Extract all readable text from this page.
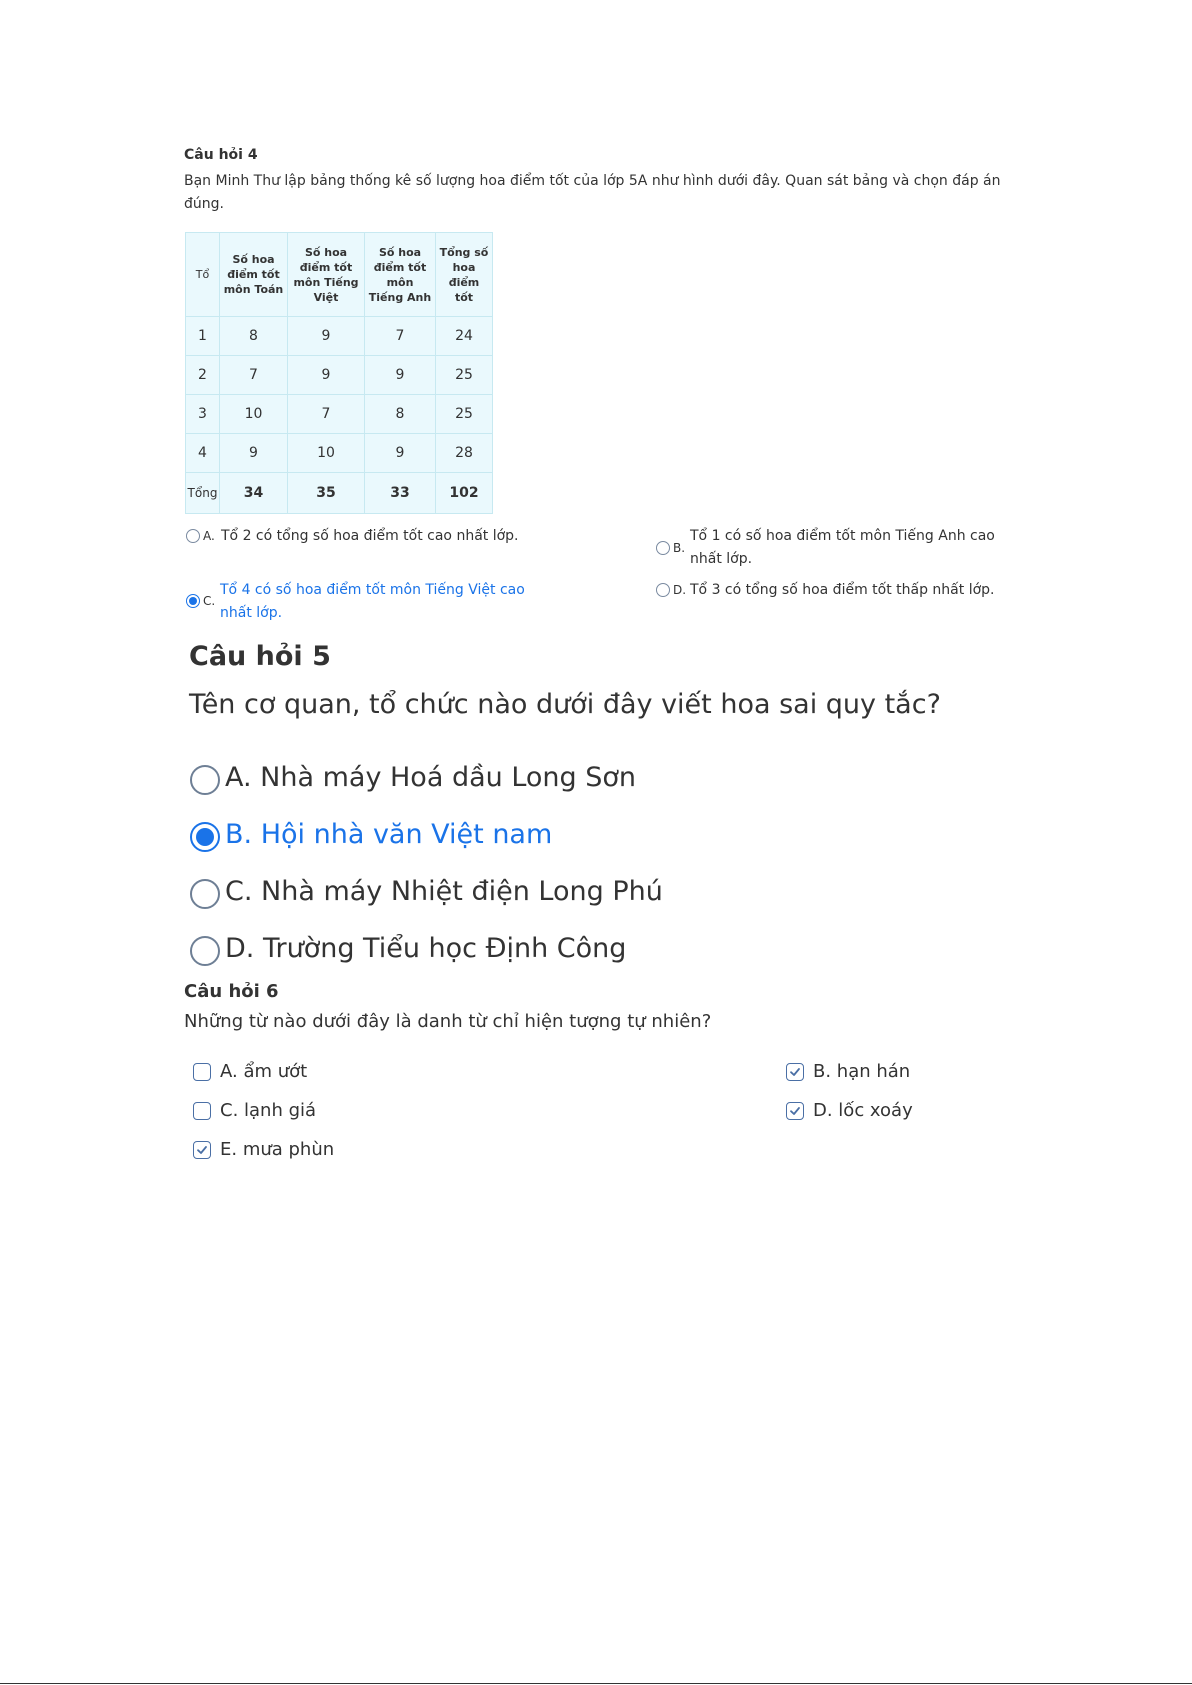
Câu hỏi 4
Bạn Minh Thư lập bảng thống kê số lượng hoa điểm tốt của lớp 5A như hình dưới đây. Quan sát bảng và chọn đáp án đúng.
Tổ	Số hoa điểm tốt môn Toán	Số hoa điểm tốt môn Tiếng Việt	Số hoa điểm tốt môn Tiếng Anh	Tổng số hoa điểm tốt
1	8	9	7	24
2	7	9	9	25
3	10	7	8	25
4	9	10	9	28
Tổng	34	35	33	102
A. Tổ 2 có tổng số hoa điểm tốt cao nhất lớp.
B.
Tổ 1 có số hoa điểm tốt môn Tiếng Anh cao nhất lớp.
C.
Tổ 4 có số hoa điểm tốt môn Tiếng Việt cao nhất lớp.
D. Tổ 3 có tổng số hoa điểm tốt thấp nhất lớp.
Câu hỏi 5
Tên cơ quan, tổ chức nào dưới đây viết hoa sai quy tắc?
A. Nhà máy Hoá dầu Long Sơn
B. Hội nhà văn Việt nam
C. Nhà máy Nhiệt điện Long Phú
D. Trường Tiểu học Định Công
Câu hỏi 6
Những từ nào dưới đây là danh từ chỉ hiện tượng tự nhiên?
A. ẩm ướt	B. hạn hán
C. lạnh giá	D. lốc xoáy
E. mưa phùn
